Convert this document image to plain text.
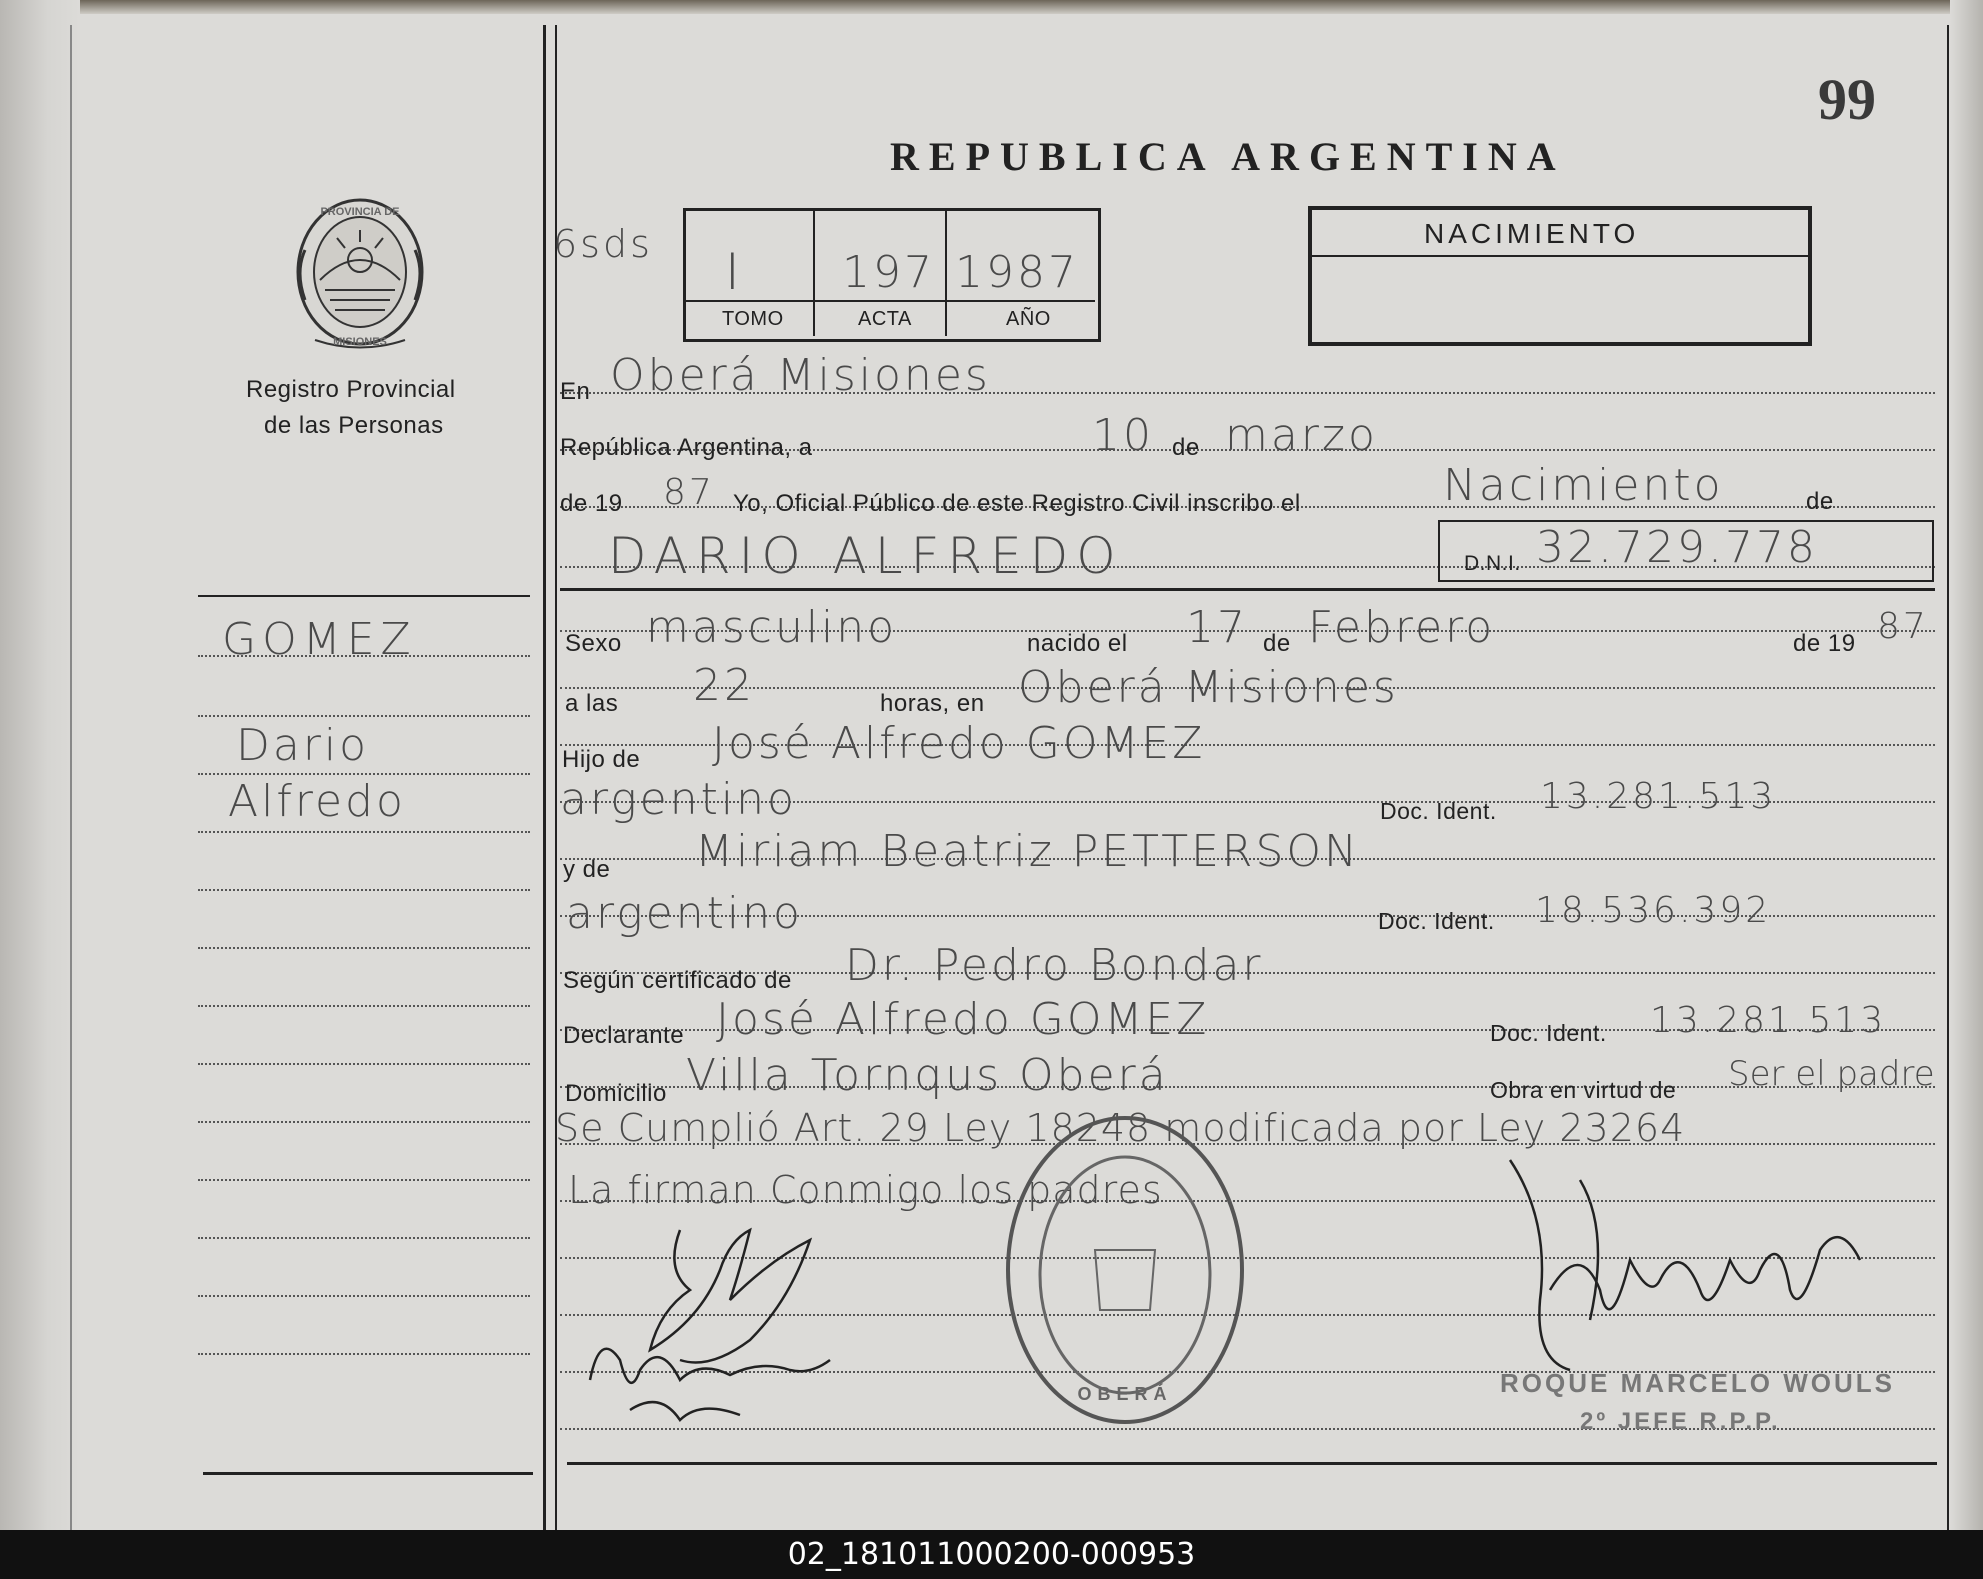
99
REPUBLICA ARGENTINA
PROVINCIA DE
MISIONES
Registro Provincial
de las Personas
6sds I 197 1987
TOMO	ACTA	AÑO
NACIMIENTO
GOMEZ
Dario
Alfredo
En Oberá Misiones
República Argentina, a	10 de marzo
de 19 87 Yo, Oficial Público de este Registro Civil inscribo el	Nacimiento	de
DARIO ALFREDO	D.N.I. 32.729.778
Sexo masculino	nacido el 17 de Febrero	de 19 87
a las 22	horas, en Oberá Misiones
Hijo de José Alfredo GOMEZ
argentino	Doc. Ident. 13.281.513
y de Miriam Beatriz PETTERSON
argentino	Doc. Ident. 18.536.392
Según certificado de Dr. Pedro Bondar
Declarante José Alfredo GOMEZ	Doc. Ident. 13.281.513
Domicilio Villa Tornqus Oberá	Obra en virtud de Ser el padre
Se Cumplió Art. 29 Ley 18248 modificada por Ley 23264
La firman Conmigo los padres
OBERÁ	ROQUE MARCELO WOULS
2º JEFE R.P.P.
02_181011000200-000953
